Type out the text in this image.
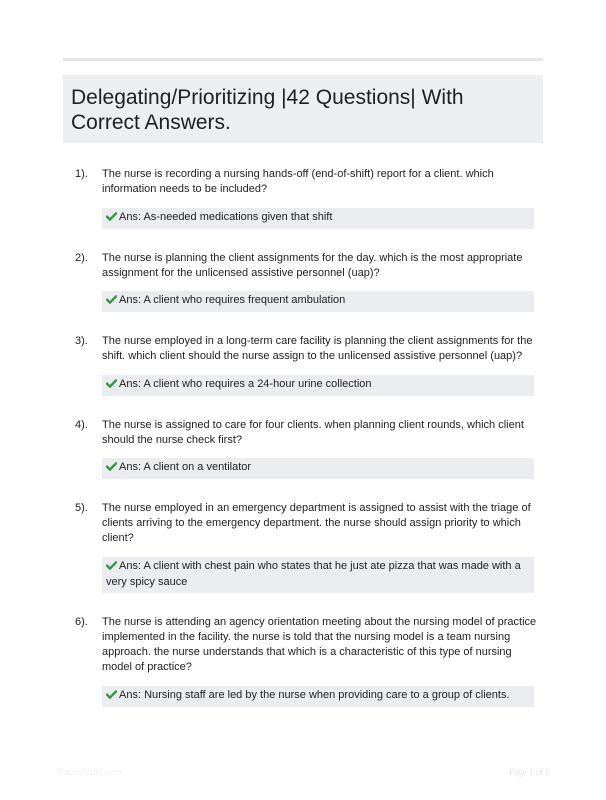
Delegating/Prioritizing |42 Questions| With Correct Answers.
1). The nurse is recording a nursing hands-off (end-of-shift) report for a client. which information needs to be included?

Ans: As-needed medications given that shift
2). The nurse is planning the client assignments for the day. which is the most appropriate assignment for the unlicensed assistive personnel (uap)?

Ans: A client who requires frequent ambulation
3). The nurse employed in a long-term care facility is planning the client assignments for the shift. which client should the nurse assign to the unlicensed assistive personnel (uap)?

Ans: A client who requires a 24-hour urine collection
4). The nurse is assigned to care for four clients. when planning client rounds, which client should the nurse check first?

Ans: A client on a ventilator
5). The nurse employed in an emergency department is assigned to assist with the triage of clients arriving to the emergency department. the nurse should assign priority to which client?

Ans: A client with chest pain who states that he just ate pizza that was made with a very spicy sauce
6). The nurse is attending an agency orientation meeting about the nursing model of practice implemented in the facility. the nurse is told that the nursing model is a team nursing approach. the nurse understands that which is a characteristic of this type of nursing model of practice?

Ans: Nursing staff are led by the nurse when providing care to a group of clients.
PaperStuic.com	Page 1 of 8
